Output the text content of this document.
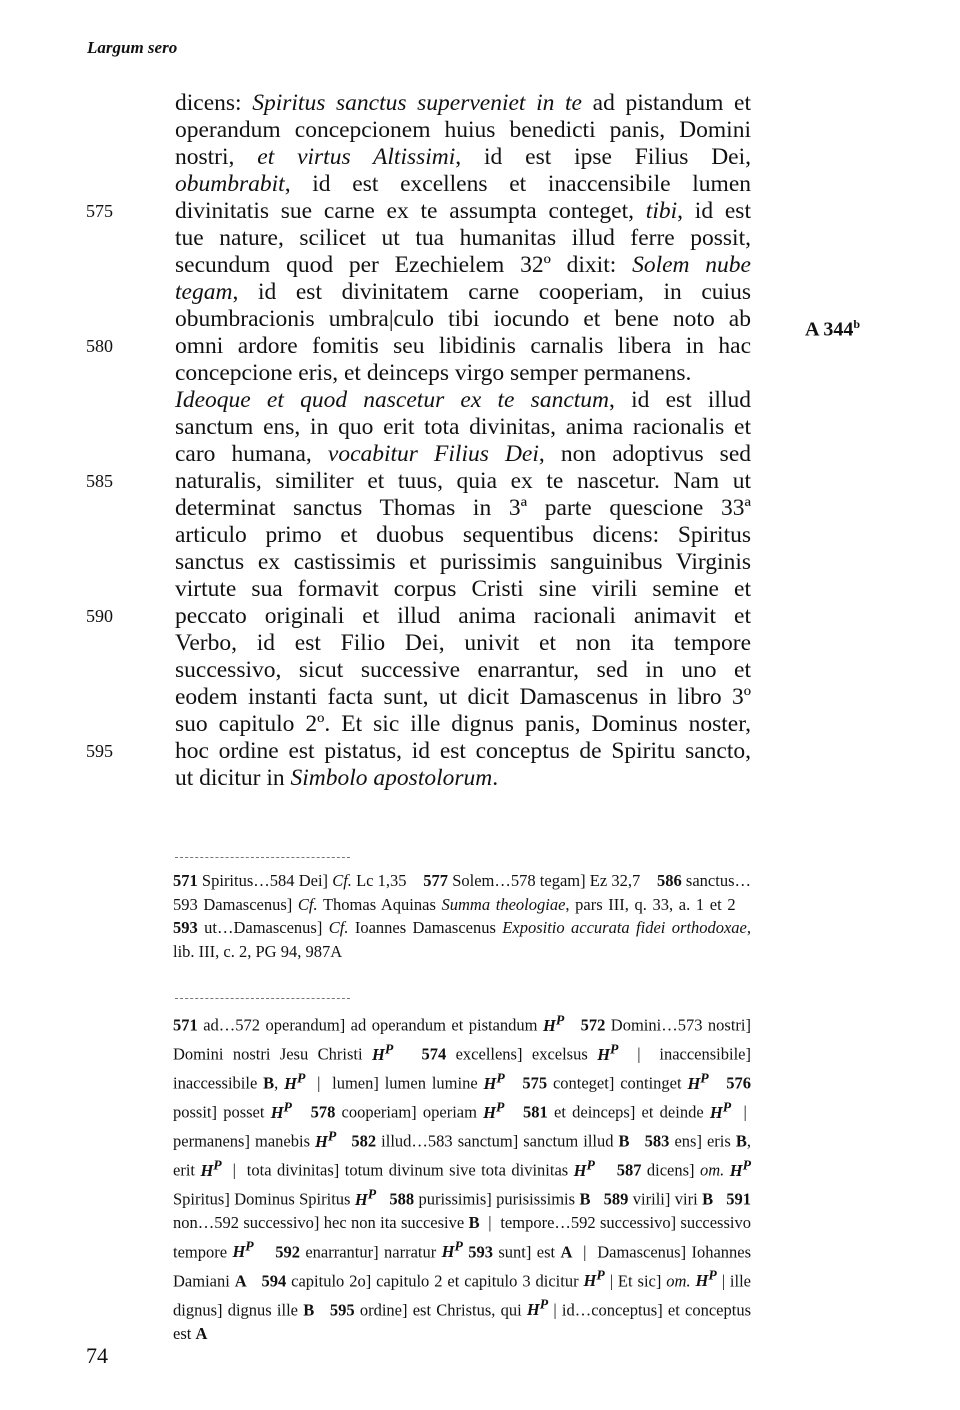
Largum sero
dicens: Spiritus sanctus superveniet in te ad pistandum et
operandum concepcionem huius benedicti panis, Domini
nostri, et virtus Altissimi, id est ipse Filius Dei,
obumbrabit, id est excellens et inaccensibile lumen
divinitatis sue carne ex te assumpta conteget, tibi, id est
tue nature, scilicet ut tua humanitas illud ferre possit,
secundum quod per Ezechielem 32º dixit: Solem nube
tegam, id est divinitatem carne cooperiam, in cuius
obumbracionis umbra|culo tibi iocundo et bene noto ab
omni ardore fomitis seu libidinis carnalis libera in hac
concepcione eris, et deinceps virgo semper permanens.
Ideoque et quod nascetur ex te sanctum, id est illud
sanctum ens, in quo erit tota divinitas, anima racionalis et
caro humana, vocabitur Filius Dei, non adoptivus sed
naturalis, similiter et tuus, quia ex te nascetur. Nam ut
determinat sanctus Thomas in 3ª parte quescione 33ª
articulo primo et duobus sequentibus dicens: Spiritus
sanctus ex castissimis et purissimis sanguinibus Virginis
virtute sua formavit corpus Cristi sine virili semine et
peccato originali et illud anima racionali animavit et
Verbo, id est Filio Dei, univit et non ita tempore
successivo, sicut successive enarrantur, sed in uno et
eodem instanti facta sunt, ut dicit Damascenus in libro 3º
suo capitulo 2º. Et sic ille dignus panis, Dominus noster,
hoc ordine est pistatus, id est conceptus de Spiritu sancto,
ut dicitur in Simbolo apostolorum.
A 344$^b$
575
580
585
590
595
571 Spiritus…584 Dei] Cf. Lc 1,35    577 Solem…578 tegam] Ez 32,7    586 sanctus…593 Damascenus] Cf. Thomas Aquinas Summa theologiae, pars III, q. 33, a. 1 et 2    593 ut…Damascenus] Cf. Ioannes Damascenus Expositio accurata fidei orthodoxae, lib. III, c. 2, PG 94, 987A
571 ad…572 operandum] ad operandum et pistandum $H^P$ 572 Domini…573 nostri] Domini nostri Jesu Christi $H^P$ 574 excellens] excelsus $H^P$  |  inaccensibile] inaccessibile B, $H^P$  |  lumen] lumen lumine $H^P$ 575 conteget] continget $H^P$ 576 possit] posset $H^P$ 578 cooperiam] operiam $H^P$ 581 et deinceps] et deinde $H^P$  |  permanens] manebis $H^P$ 582 illud…583 sanctum] sanctum illud B 583 ens] eris B, erit $H^P$  |  tota divinitas] totum divinum sive tota divinitas $H^P$ 587 dicens] om. $H^P$ Spiritus] Dominus Spiritus $H^P$ 588 purissimis] purisissimis B 589 virili] viri B 591 non…592 successivo] hec non ita succesive B  |  tempore…592 successivo] successivo tempore $H^P$ 592 enarrantur] narratur $H^P$ 593 sunt] est A  |  Damascenus] Iohannes Damiani A 594 capitulo 2o] capitulo 2 et capitulo 3 dicitur $H^P$ | Et sic] om. $H^P$ | ille dignus] dignus ille B 595 ordine] est Christus, qui $H^P$ | id…conceptus] et conceptus est A
74
